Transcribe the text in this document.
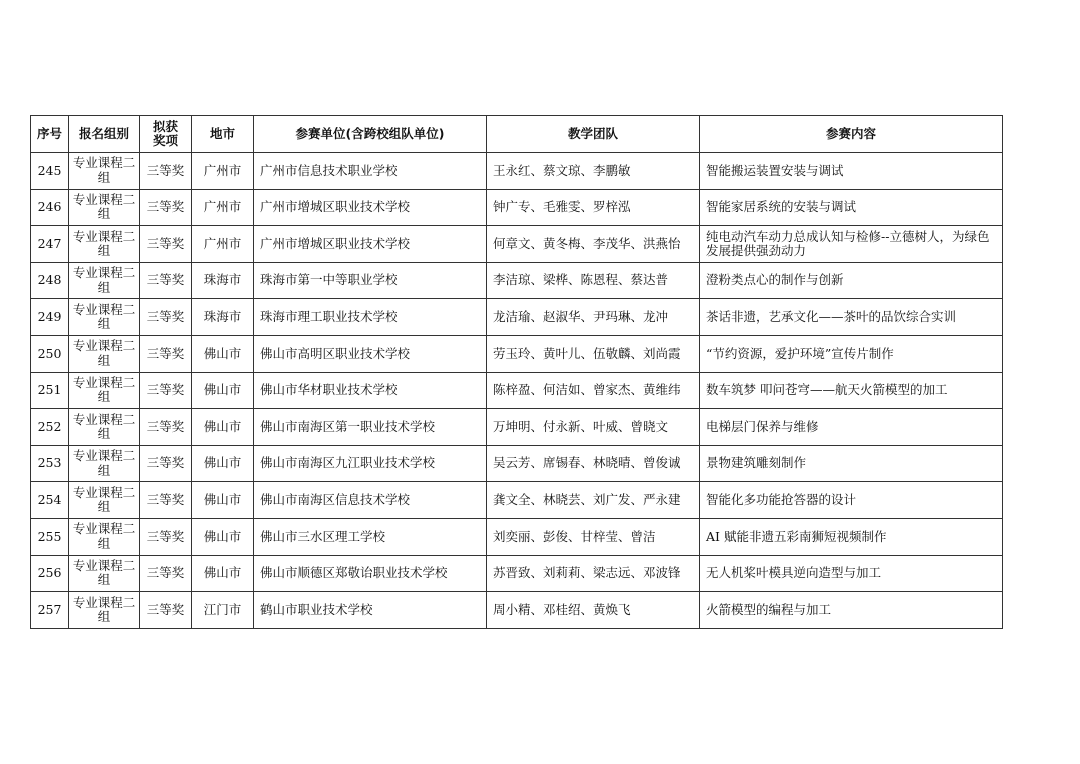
序号	报名组别	拟获奖项	地市	参赛单位(含跨校组队单位)	教学团队	参赛内容
245	专业课程二组	三等奖	广州市	广州市信息技术职业学校	王永红、蔡文琼、李鹏敏	智能搬运装置安装与调试
246	专业课程二组	三等奖	广州市	广州市增城区职业技术学校	钟广专、毛雅雯、罗梓泓	智能家居系统的安装与调试
247	专业课程二组	三等奖	广州市	广州市增城区职业技术学校	何章文、黄冬梅、李茂华、洪燕怡	纯电动汽车动力总成认知与检修--立德树人，为绿色发展提供强劲动力
248	专业课程二组	三等奖	珠海市	珠海市第一中等职业学校	李洁琼、梁桦、陈恩程、蔡达普	澄粉类点心的制作与创新
249	专业课程二组	三等奖	珠海市	珠海市理工职业技术学校	龙洁瑜、赵淑华、尹玛琳、龙冲	茶话非遗，艺承文化——茶叶的品饮综合实训
250	专业课程二组	三等奖	佛山市	佛山市高明区职业技术学校	劳玉玲、黄叶儿、伍敬麟、刘尚霞	“节约资源，爱护环境”宣传片制作
251	专业课程二组	三等奖	佛山市	佛山市华材职业技术学校	陈梓盈、何洁如、曾家杰、黄维纬	数车筑梦 叩问苍穹——航天火箭模型的加工
252	专业课程二组	三等奖	佛山市	佛山市南海区第一职业技术学校	万坤明、付永新、叶威、曾晓文	电梯层门保养与维修
253	专业课程二组	三等奖	佛山市	佛山市南海区九江职业技术学校	吴云芳、席锡春、林晓晴、曾俊诚	景物建筑雕刻制作
254	专业课程二组	三等奖	佛山市	佛山市南海区信息技术学校	龚文全、林晓芸、刘广发、严永建	智能化多功能抢答器的设计
255	专业课程二组	三等奖	佛山市	佛山市三水区理工学校	刘奕丽、彭俊、甘梓莹、曾洁	AI 赋能非遗五彩南狮短视频制作
256	专业课程二组	三等奖	佛山市	佛山市顺德区郑敬诒职业技术学校	苏晋致、刘莉莉、梁志远、邓波锋	无人机桨叶模具逆向造型与加工
257	专业课程二组	三等奖	江门市	鹤山市职业技术学校	周小精、邓桂绍、黄焕飞	火箭模型的编程与加工
